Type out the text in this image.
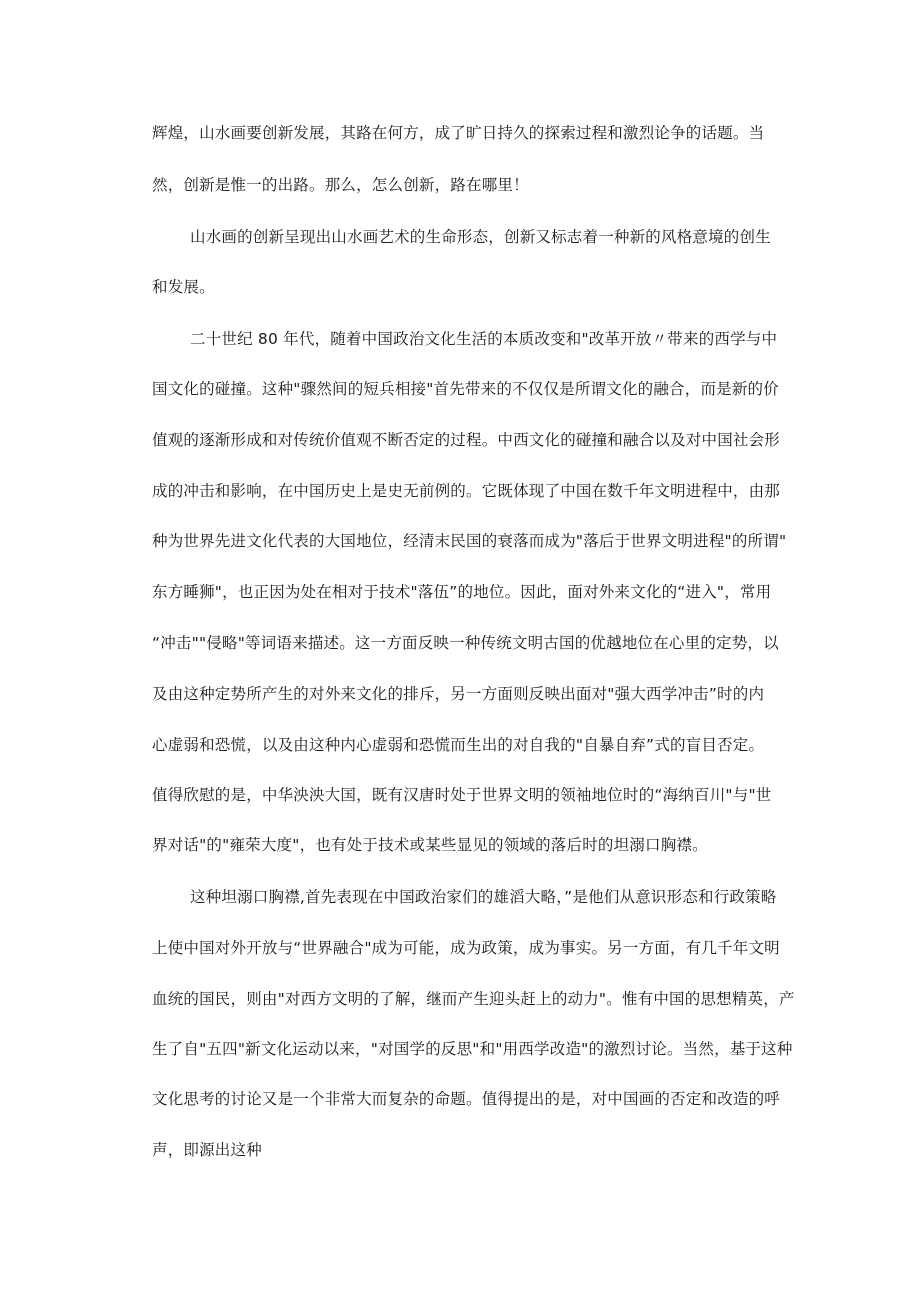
辉煌，山水画要创新发展，其路在何方，成了旷日持久的探索过程和激烈论争的话题。当
然，创新是惟一的出路。那么，怎么创新，路在哪里！
山水画的创新呈现出山水画艺术的生命形态，创新又标志着一种新的风格意境的创生
和发展。
二十世纪 80 年代，随着中国政治文化生活的本质改变和"改革开放〃带来的西学与中
国文化的碰撞。这种"骤然间的短兵相接"首先带来的不仅仅是所谓文化的融合，而是新的价
值观的逐渐形成和对传统价值观不断否定的过程。中西文化的碰撞和融合以及对中国社会形
成的冲击和影响，在中国历史上是史无前例的。它既体现了中国在数千年文明进程中，由那
种为世界先进文化代表的大国地位，经清末民国的衰落而成为"落后于世界文明进程"的所谓"
东方睡狮"，也正因为处在相对于技术"落伍”的地位。因此，面对外来文化的“进入"，常用
“冲击""侵略"等词语来描述。这一方面反映一种传统文明古国的优越地位在心里的定势，以
及由这种定势所产生的对外来文化的排斥，另一方面则反映出面对"强大西学冲击”时的内
心虚弱和恐慌，以及由这种内心虚弱和恐慌而生出的对自我的"自暴自弃”式的盲目否定。
值得欣慰的是，中华泱泱大国，既有汉唐时处于世界文明的领袖地位时的“海纳百川"与"世
界对话"的"雍荣大度"，也有处于技术或某些显见的领域的落后时的坦溺口胸襟。
这种坦溺口胸襟,首先表现在中国政治家们的雄滔大略，”是他们从意识形态和行政策略
上使中国对外开放与“世界融合"成为可能，成为政策，成为事实。另一方面，有几千年文明
血统的国民，则由"对西方文明的了解，继而产生迎头赶上的动力"。惟有中国的思想精英，产
生了自"五四"新文化运动以来，"对国学的反思"和"用西学改造"的激烈讨论。当然，基于这种
文化思考的讨论又是一个非常大而复杂的命题。值得提出的是，对中国画的否定和改造的呼
声，即源出这种
